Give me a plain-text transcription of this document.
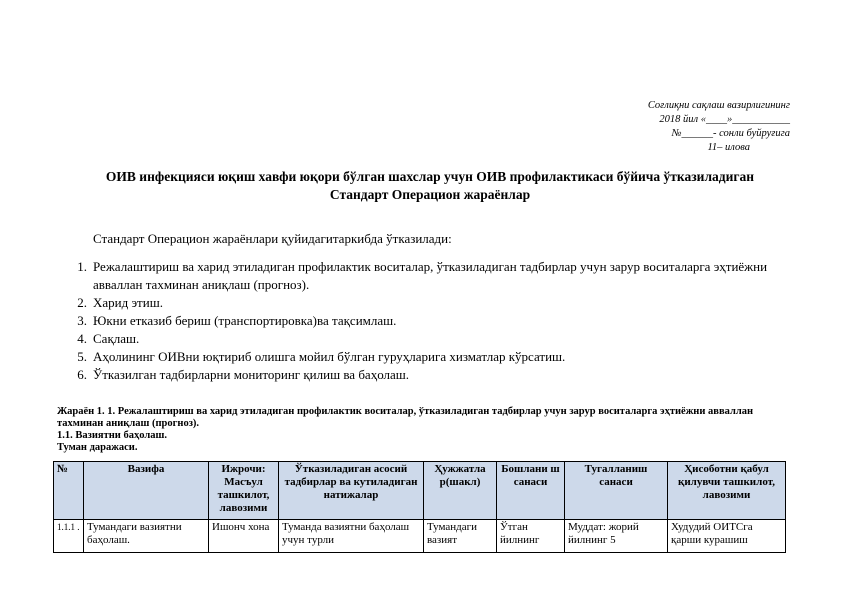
Соғлиқни сақлаш вазирлигининг
2018 йил «____»___________
№______- сонли буйруғига
11– илова
ОИВ инфекцияси юқиш хавфи юқори бўлган шахслар учун ОИВ профилактикаси бўйича ўтказиладиган
Стандарт Операцион жараёнлар
Стандарт Операцион жараёнлари қуйидагитаркибда ўтказилади:
1. Режалаштириш ва харид этиладиган профилактик воситалар, ўтказиладиган тадбирлар учун зарур воситаларга эҳтиёжни авваллан тахминан аниқлаш (прогноз).
2. Харид этиш.
3. Юкни етказиб бериш (транспортировка)ва тақсимлаш.
4. Сақлаш.
5. Аҳолининг ОИВни юқтириб олишга мойил бўлган гуруҳларига хизматлар кўрсатиш.
6. Ўтказилган тадбирларни мониторинг қилиш ва баҳолаш.
Жараён 1. 1. Режалаштириш ва харид этиладиган профилактик воситалар, ўтказиладиган тадбирлар учун зарур воситаларга эҳтиёжни авваллан тахминан аниқлаш (прогноз).
1.1. Вазиятни баҳолаш.
Туман даражаси.
№	Вазифа	Ижрочи: Масъул ташкилот, лавозими	Ўтказиладиган асосий тадбирлар ва кутиладиган натижалар	Ҳужжатла р(шакл)	Бошлани ш санаси	Тугалланиш санаси	Ҳисоботни қабул қилувчи ташкилот, лавозими
1.1.1 .	Тумандаги вазиятни баҳолаш.	Ишонч хона	Туманда вазиятни баҳолаш учун турли	Тумандаги вазият	Ўтган йилнинг	Муддат: жорий йилнинг 5	Худудий ОИТСга қарши курашиш
